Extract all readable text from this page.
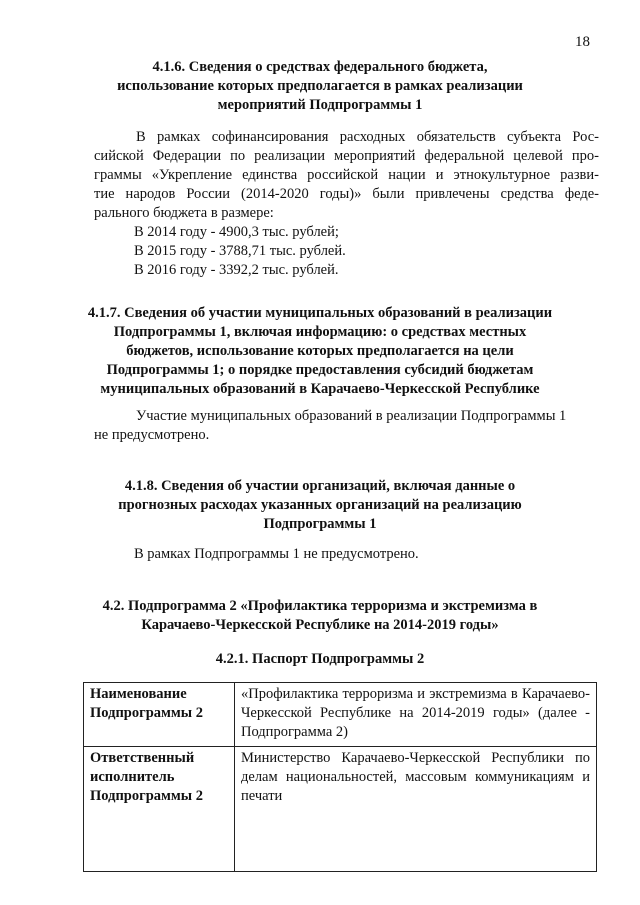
18
4.1.6. Сведения о средствах федерального бюджета,
использование которых предполагается в рамках реализации
мероприятий Подпрограммы 1
В рамках софинансирования расходных обязательств субъекта Рос-
сийской Федерации по реализации мероприятий федеральной целевой про-
граммы «Укрепление единства российской нации и этнокультурное разви-
тие народов России (2014-2020 годы)» были привлечены средства феде-
рального бюджета в размере:
В 2014 году - 4900,3 тыс. рублей;
В 2015 году - 3788,71 тыс. рублей.
В 2016 году - 3392,2 тыс. рублей.
4.1.7. Сведения об участии муниципальных образований в реализации
Подпрограммы 1, включая информацию: о средствах местных
бюджетов, использование которых предполагается на цели
Подпрограммы 1; о порядке предоставления субсидий бюджетам
муниципальных образований в Карачаево-Черкесской Республике
Участие муниципальных образований в реализации Подпрограммы 1
не предусмотрено.
4.1.8. Сведения об участии организаций, включая данные о
прогнозных расходах указанных организаций на реализацию
Подпрограммы 1
В рамках Подпрограммы 1 не предусмотрено.
4.2. Подпрограмма 2 «Профилактика терроризма и экстремизма в
Карачаево-Черкесской Республике на 2014-2019 годы»
4.2.1. Паспорт Подпрограммы 2
Наименование
Подпрограммы 2	«Профилактика терроризма и экстремизма в Карачаево-Черкесской Республике на 2014-2019 годы» (далее - Подпрограмма 2)

Ответственный
исполнитель
Подпрограммы 2	Министерство Карачаево-Черкесской Республики по делам национальностей, массовым коммуникациям и печати
